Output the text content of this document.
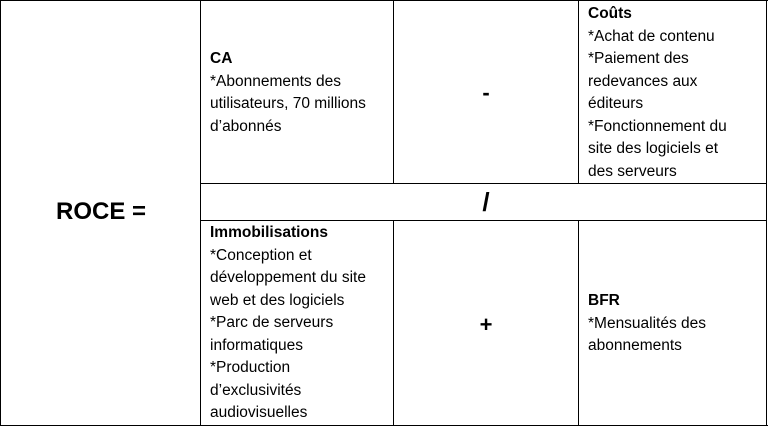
ROCE =
CA
*Abonnements des
utilisateurs, 70 millions
d’abonnés
-
Coûts
*Achat de contenu
*Paiement des
redevances aux
éditeurs
*Fonctionnement du
site des logiciels et
des serveurs
/
Immobilisations
*Conception et
développement du site
web et des logiciels
*Parc de serveurs
informatiques
*Production
d’exclusivités
audiovisuelles
+
BFR
*Mensualités des
abonnements
